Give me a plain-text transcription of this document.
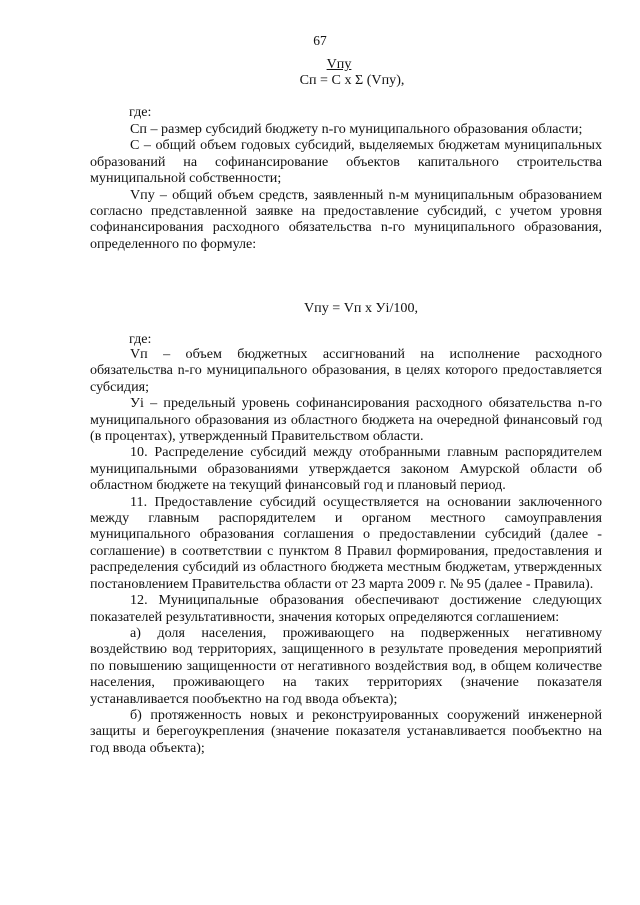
67
Vпу
Сп = С х Σ (Vпу),
где:

Сп – размер субсидий бюджету n-го муниципального образования области;

С – общий объем годовых субсидий, выделяемых бюджетам муниципальных образований на софинансирование объектов капитального строительства муниципальной собственности;

Vпу – общий объем средств, заявленный n-м муниципальным образованием согласно представленной заявке на предоставление субсидий, с учетом уровня софинансирования расходного обязательства n-го муниципального образования, определенного по формуле:

Vпу = Vп х Уi/100,
где:

Vп – объем бюджетных ассигнований на исполнение расходного обязательства n-го муниципального образования, в целях которого предоставляется субсидия;

Уi – предельный уровень софинансирования расходного обязательства n-го муниципального образования из областного бюджета на очередной финансовый год (в процентах), утвержденный Правительством области.

10. Распределение субсидий между отобранными главным распорядителем муниципальными образованиями утверждается законом Амурской области об областном бюджете на текущий финансовый год и плановый период.

11. Предоставление субсидий осуществляется на основании заключенного между главным распорядителем и органом местного самоуправления муниципального образования соглашения о предоставлении субсидий (далее - соглашение) в соответствии с пунктом 8 Правил формирования, предоставления и распределения субсидий из областного бюджета местным бюджетам, утвержденных постановлением Правительства области от 23 марта 2009 г. № 95 (далее - Правила).

12. Муниципальные образования обеспечивают достижение следующих показателей результативности, значения которых определяются соглашением:

а) доля населения, проживающего на подверженных негативному воздействию вод территориях, защищенного в результате проведения мероприятий по повышению защищенности от негативного воздействия вод, в общем количестве населения, проживающего на таких территориях (значение показателя устанавливается пообъектно на год ввода объекта);

б) протяженность новых и реконструированных сооружений инженерной защиты и берегоукрепления (значение показателя устанавливается пообъектно на год ввода объекта);
